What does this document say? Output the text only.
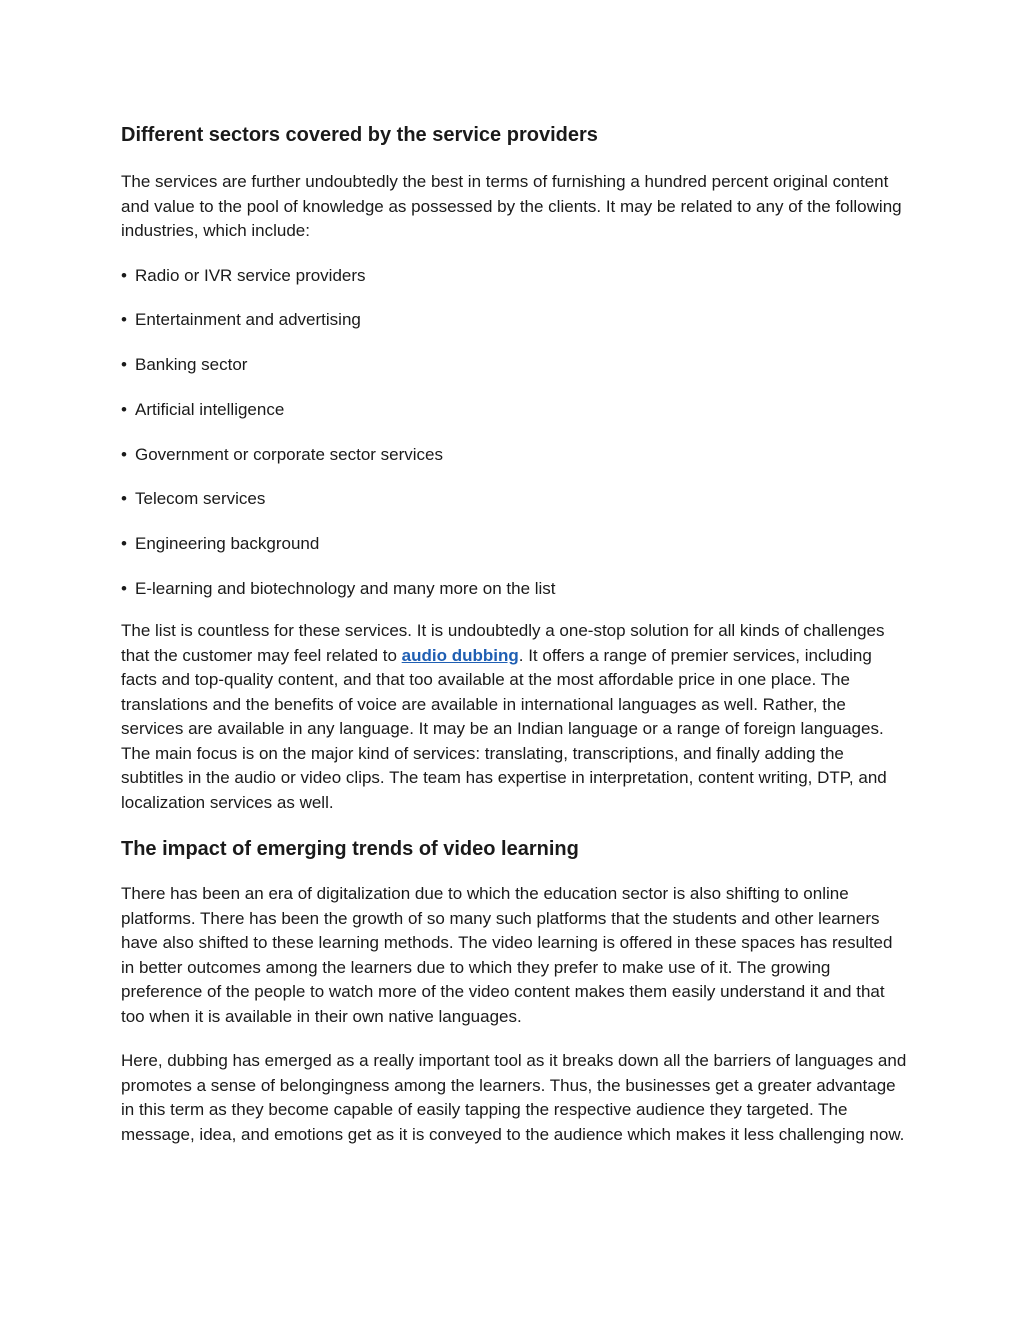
Different sectors covered by the service providers

The services are further undoubtedly the best in terms of furnishing a hundred percent original content and value to the pool of knowledge as possessed by the clients. It may be related to any of the following industries, which include:

• Radio or IVR service providers
• Entertainment and advertising
• Banking sector
• Artificial intelligence
• Government or corporate sector services
• Telecom services
• Engineering background
• E-learning and biotechnology and many more on the list

The list is countless for these services. It is undoubtedly a one-stop solution for all kinds of challenges that the customer may feel related to audio dubbing. It offers a range of premier services, including facts and top-quality content, and that too available at the most affordable price in one place. The translations and the benefits of voice are available in international languages as well. Rather, the services are available in any language. It may be an Indian language or a range of foreign languages. The main focus is on the major kind of services: translating, transcriptions, and finally adding the subtitles in the audio or video clips. The team has expertise in interpretation, content writing, DTP, and localization services as well.

The impact of emerging trends of video learning

There has been an era of digitalization due to which the education sector is also shifting to online platforms. There has been the growth of so many such platforms that the students and other learners have also shifted to these learning methods. The video learning is offered in these spaces has resulted in better outcomes among the learners due to which they prefer to make use of it. The growing preference of the people to watch more of the video content makes them easily understand it and that too when it is available in their own native languages.

Here, dubbing has emerged as a really important tool as it breaks down all the barriers of languages and promotes a sense of belongingness among the learners. Thus, the businesses get a greater advantage in this term as they become capable of easily tapping the respective audience they targeted. The message, idea, and emotions get as it is conveyed to the audience which makes it less challenging now.
